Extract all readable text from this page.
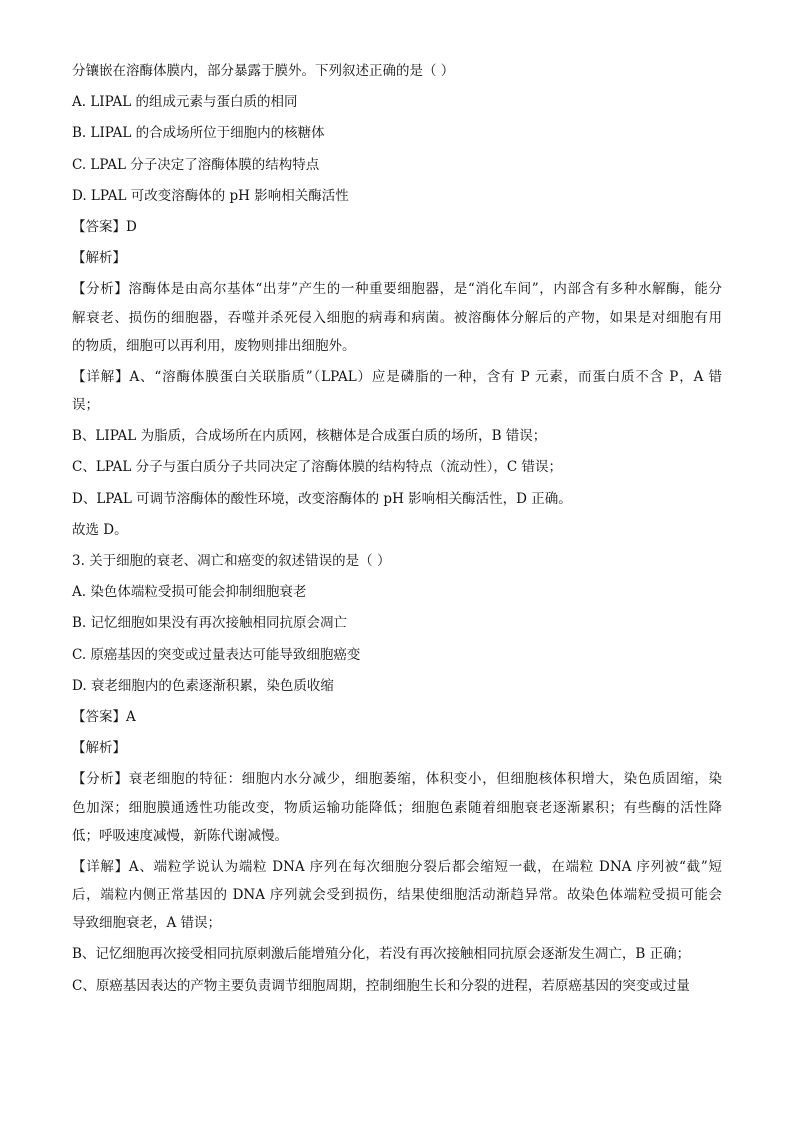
分镶嵌在溶酶体膜内，部分暴露于膜外。下列叙述正确的是（ ）
A. LIPAL 的组成元素与蛋白质的相同
B. LIPAL 的合成场所位于细胞内的核糖体
C. LPAL 分子决定了溶酶体膜的结构特点
D. LPAL 可改变溶酶体的 pH 影响相关酶活性
【答案】D
【解析】
【分析】溶酶体是由高尔基体“出芽”产生的一种重要细胞器，是“消化车间”，内部含有多种水解酶，能分
解衰老、损伤的细胞器，吞噬并杀死侵入细胞的病毒和病菌。被溶酶体分解后的产物，如果是对细胞有用
的物质，细胞可以再利用，废物则排出细胞外。
【详解】A、“溶酶体膜蛋白关联脂质”（LPAL）应是磷脂的一种，含有 P 元素，而蛋白质不含 P，A 错
误；
B、LIPAL 为脂质，合成场所在内质网，核糖体是合成蛋白质的场所，B 错误；
C、LPAL 分子与蛋白质分子共同决定了溶酶体膜的结构特点（流动性），C 错误；
D、LPAL 可调节溶酶体的酸性环境，改变溶酶体的 pH 影响相关酶活性，D 正确。
故选 D。
3. 关于细胞的衰老、凋亡和癌变的叙述错误的是（ ）
A. 染色体端粒受损可能会抑制细胞衰老
B. 记忆细胞如果没有再次接触相同抗原会凋亡
C. 原癌基因的突变或过量表达可能导致细胞癌变
D. 衰老细胞内的色素逐渐积累，染色质收缩
【答案】A
【解析】
【分析】衰老细胞的特征：细胞内水分减少，细胞萎缩，体积变小，但细胞核体积增大，染色质固缩，染
色加深；细胞膜通透性功能改变，物质运输功能降低；细胞色素随着细胞衰老逐渐累积；有些酶的活性降
低；呼吸速度减慢，新陈代谢减慢。
【详解】A、端粒学说认为端粒 DNA 序列在每次细胞分裂后都会缩短一截，在端粒 DNA 序列被“截”短
后，端粒内侧正常基因的 DNA 序列就会受到损伤，结果使细胞活动渐趋异常。故染色体端粒受损可能会
导致细胞衰老，A 错误；
B、记忆细胞再次接受相同抗原刺激后能增殖分化，若没有再次接触相同抗原会逐渐发生凋亡，B 正确；
C、原癌基因表达的产物主要负责调节细胞周期，控制细胞生长和分裂的进程，若原癌基因的突变或过量
